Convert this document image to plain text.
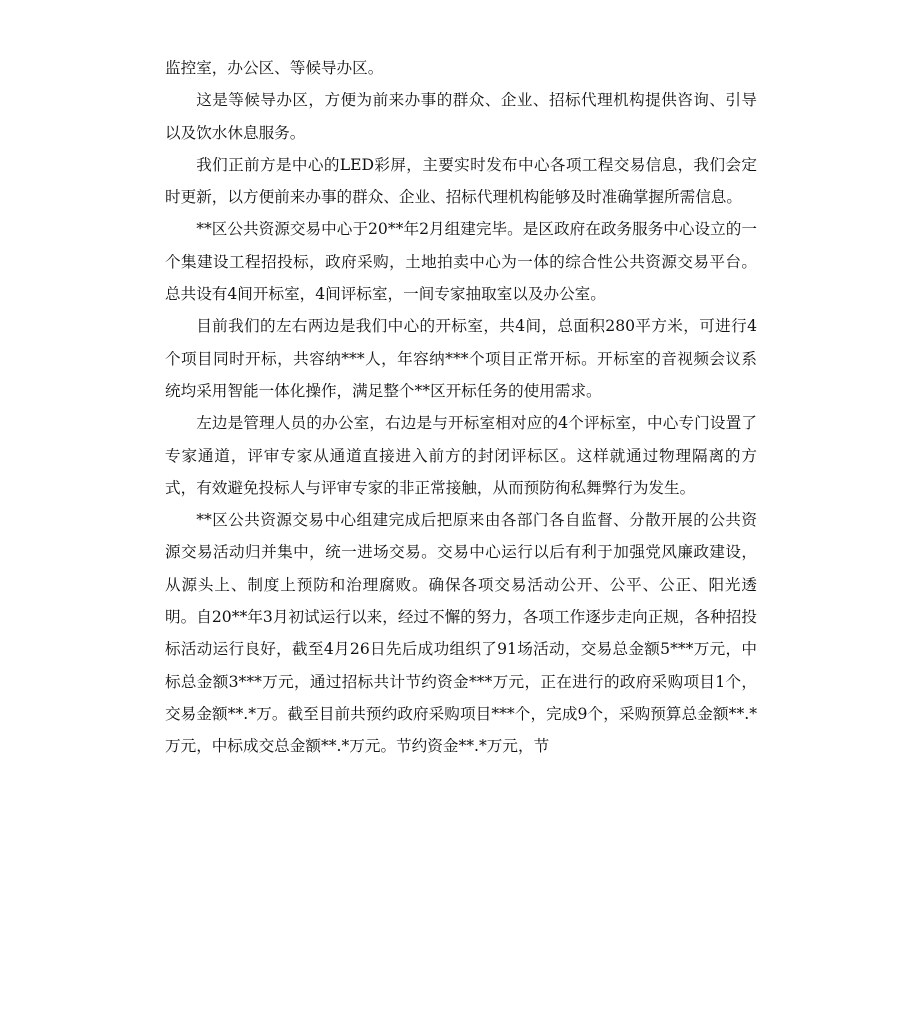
监控室，办公区、等候导办区。

这是等候导办区，方便为前来办事的群众、企业、招标代理机构提供咨询、引导以及饮水休息服务。

我们正前方是中心的LED彩屏，主要实时发布中心各项工程交易信息，我们会定时更新，以方便前来办事的群众、企业、招标代理机构能够及时准确掌握所需信息。

**区公共资源交易中心于20**年2月组建完毕。是区政府在政务服务中心设立的一个集建设工程招投标，政府采购，土地拍卖中心为一体的综合性公共资源交易平台。总共设有4间开标室，4间评标室，一间专家抽取室以及办公室。

目前我们的左右两边是我们中心的开标室，共4间，总面积280平方米，可进行4个项目同时开标，共容纳***人，年容纳***个项目正常开标。开标室的音视频会议系统均采用智能一体化操作，满足整个**区开标任务的使用需求。

左边是管理人员的办公室，右边是与开标室相对应的4个评标室，中心专门设置了专家通道，评审专家从通道直接进入前方的封闭评标区。这样就通过物理隔离的方式，有效避免投标人与评审专家的非正常接触，从而预防徇私舞弊行为发生。

**区公共资源交易中心组建完成后把原来由各部门各自监督、分散开展的公共资源交易活动归并集中，统一进场交易。交易中心运行以后有利于加强党风廉政建设，从源头上、制度上预防和治理腐败。确保各项交易活动公开、公平、公正、阳光透明。自20**年3月初试运行以来，经过不懈的努力，各项工作逐步走向正规，各种招投标活动运行良好，截至4月26日先后成功组织了91场活动，交易总金额5***万元，中标总金额3***万元，通过招标共计节约资金***万元，正在进行的政府采购项目1个，交易金额**.*万。截至目前共预约政府采购项目***个，完成9个，采购预算总金额**.*万元，中标成交总金额**.*万元。节约资金**.*万元，节
